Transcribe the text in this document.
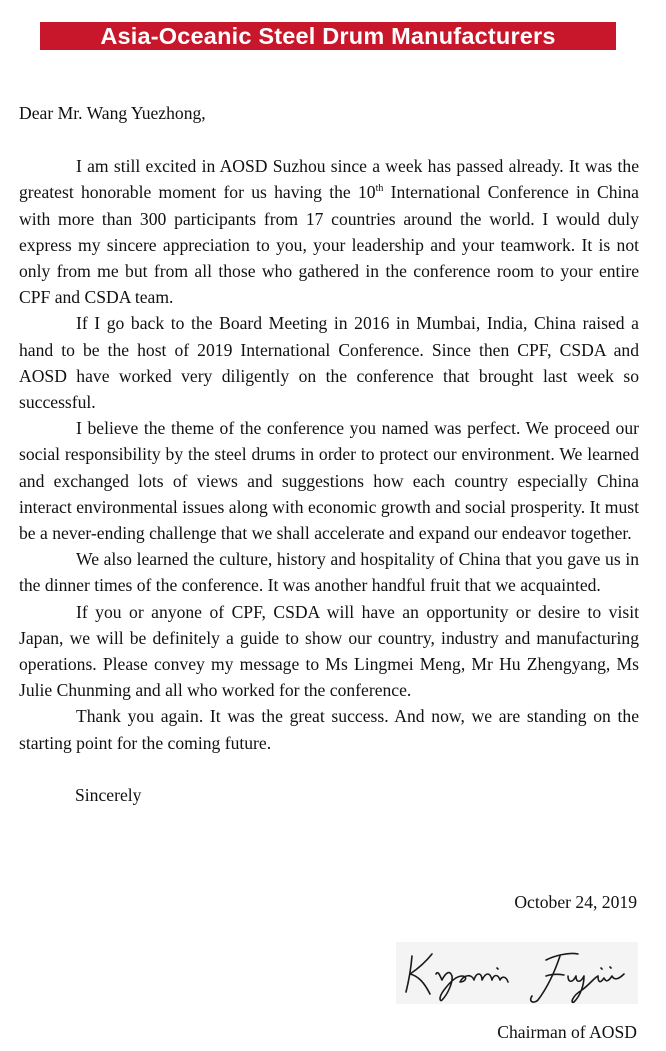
Asia-Oceanic Steel Drum Manufacturers

Dear Mr. Wang Yuezhong,

I am still excited in AOSD Suzhou since a week has passed already. It was the greatest honorable moment for us having the 10th International Conference in China with more than 300 participants from 17 countries around the world. I would duly express my sincere appreciation to you, your leadership and your teamwork. It is not only from me but from all those who gathered in the conference room to your entire CPF and CSDA team.

If I go back to the Board Meeting in 2016 in Mumbai, India, China raised a hand to be the host of 2019 International Conference. Since then CPF, CSDA and AOSD have worked very diligently on the conference that brought last week so successful.

I believe the theme of the conference you named was perfect. We proceed our social responsibility by the steel drums in order to protect our environment. We learned and exchanged lots of views and suggestions how each country especially China interact environmental issues along with economic growth and social prosperity. It must be a never-ending challenge that we shall accelerate and expand our endeavor together.

We also learned the culture, history and hospitality of China that you gave us in the dinner times of the conference. It was another handful fruit that we acquainted.

If you or anyone of CPF, CSDA will have an opportunity or desire to visit Japan, we will be definitely a guide to show our country, industry and manufacturing operations. Please convey my message to Ms Lingmei Meng, Mr Hu Zhengyang, Ms Julie Chunming and all who worked for the conference.

Thank you again. It was the great success. And now, we are standing on the starting point for the coming future.

Sincerely

October 24, 2019
Chairman of AOSD
